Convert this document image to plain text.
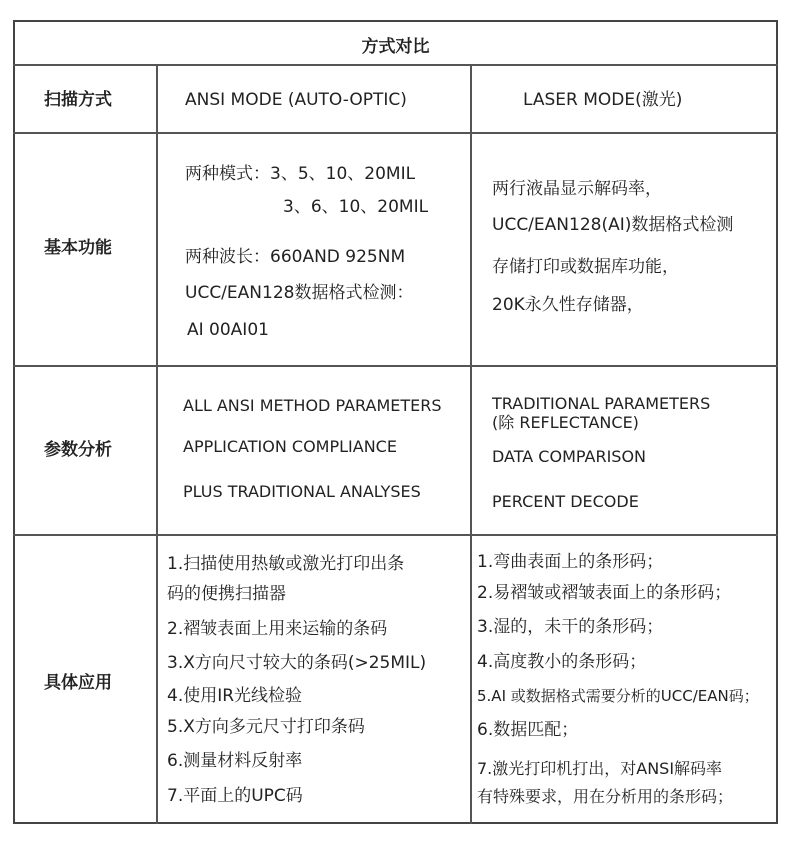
方式对比
扫描方式	ANSI MODE (AUTO-OPTIC)	LASER MODE(激光)
基本功能
两种模式：3、5、10、20MIL
3、6、10、20MIL
两种波长：660AND 925NM
UCC/EAN128数据格式检测：
AI 00AI01
两行液晶显示解码率，
UCC/EAN128(AI)数据格式检测
存储打印或数据库功能，
20K永久性存储器，
参数分析
ALL ANSI METHOD PARAMETERS
APPLICATION COMPLIANCE
PLUS TRADITIONAL ANALYSES
TRADITIONAL PARAMETERS
(除 REFLECTANCE)
DATA COMPARISON
PERCENT DECODE
具体应用
1.扫描使用热敏或激光打印出条
码的便携扫描器
2.褶皱表面上用来运输的条码
3.X方向尺寸较大的条码(>25MIL)
4.使用IR光线检验
5.X方向多元尺寸打印条码
6.测量材料反射率
7.平面上的UPC码
1.弯曲表面上的条形码；
2.易褶皱或褶皱表面上的条形码；
3.湿的，未干的条形码；
4.高度教小的条形码；
5.AI 或数据格式需要分析的UCC/EAN码；
6.数据匹配；
7.激光打印机打出，对ANSI解码率
有特殊要求，用在分析用的条形码；
